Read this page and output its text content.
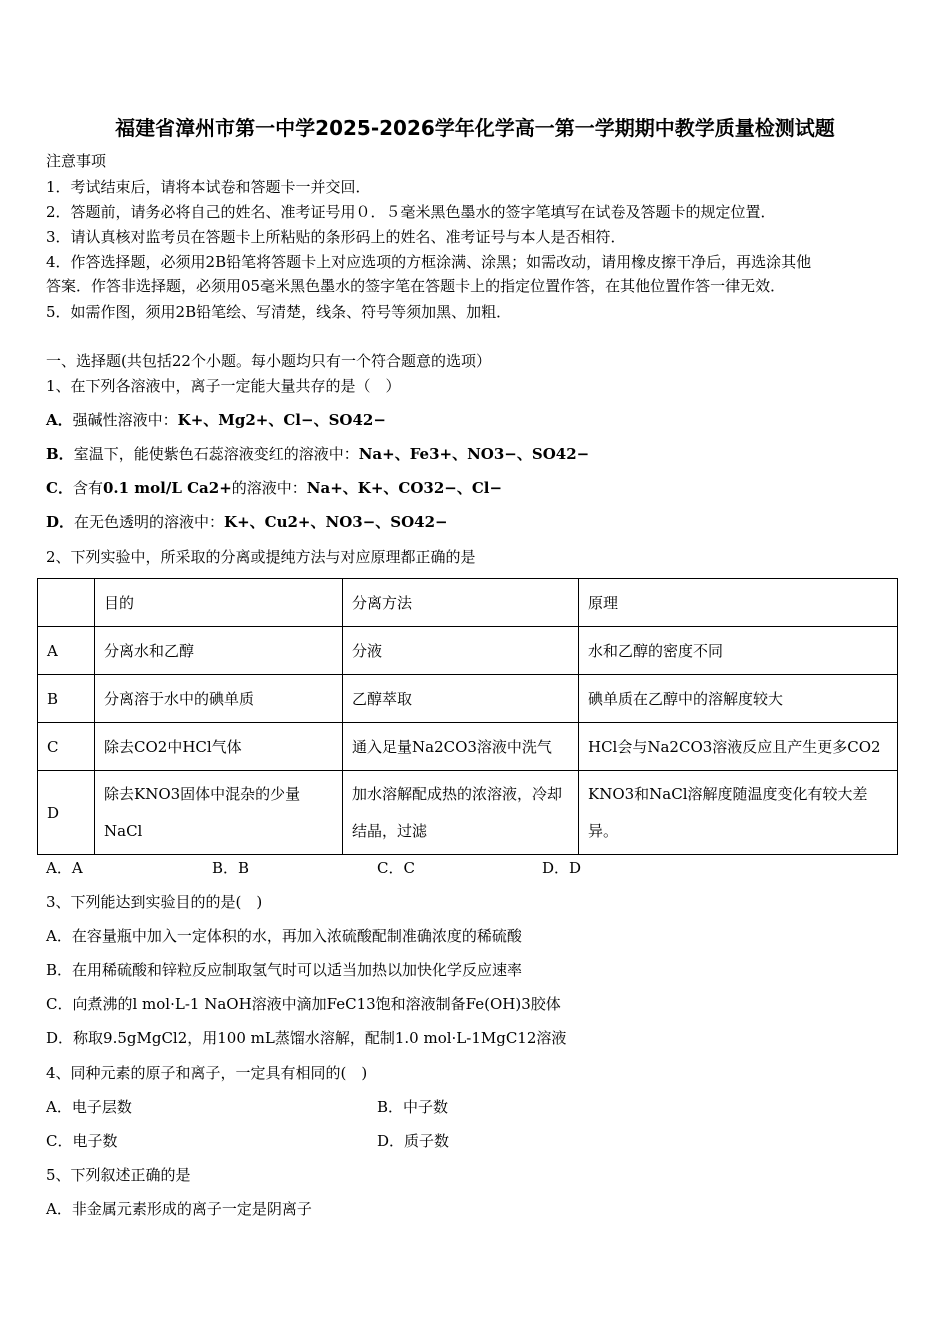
福建省漳州市第一中学2025-2026学年化学高一第一学期期中教学质量检测试题
注意事项
1．考试结束后，请将本试卷和答题卡一并交回．
2．答题前，请务必将自己的姓名、准考证号用０．５毫米黑色墨水的签字笔填写在试卷及答题卡的规定位置．
3．请认真核对监考员在答题卡上所粘贴的条形码上的姓名、准考证号与本人是否相符．
4．作答选择题，必须用2B铅笔将答题卡上对应选项的方框涂满、涂黑；如需改动，请用橡皮擦干净后，再选涂其他
答案．作答非选择题，必须用05毫米黑色墨水的签字笔在答题卡上的指定位置作答，在其他位置作答一律无效．
5．如需作图，须用2B铅笔绘、写清楚，线条、符号等须加黑、加粗．
一、选择题(共包括22个小题。每小题均只有一个符合题意的选项）
1、在下列各溶液中，离子一定能大量共存的是（　）
A．强碱性溶液中：K+、Mg2+、Cl−、SO42−
B．室温下，能使紫色石蕊溶液变红的溶液中：Na+、Fe3+、NO3−、SO42−
C．含有0.1 mol/L Ca2+的溶液中：Na+、K+、CO32−、Cl−
D．在无色透明的溶液中：K+、Cu2+、NO3−、SO42−
2、下列实验中，所采取的分离或提纯方法与对应原理都正确的是
	目的	分离方法	原理
A	分离水和乙醇	分液	水和乙醇的密度不同
B	分离溶于水中的碘单质	乙醇萃取	碘单质在乙醇中的溶解度较大
C	除去CO2中HCl气体	通入足量Na2CO3溶液中洗气	HCl会与Na2CO3溶液反应且产生更多CO2
D	除去KNO3固体中混杂的少量NaCl	加水溶解配成热的浓溶液，冷却结晶，过滤	KNO3和NaCl溶解度随温度变化有较大差异。
A．A	B．B	C．C	D．D
3、下列能达到实验目的的是(　)
A．在容量瓶中加入一定体积的水，再加入浓硫酸配制准确浓度的稀硫酸
B．在用稀硫酸和锌粒反应制取氢气时可以适当加热以加快化学反应速率
C．向煮沸的l mol·L-1 NaOH溶液中滴加FeC13饱和溶液制备Fe(OH)3胶体
D．称取9.5gMgCl2，用100 mL蒸馏水溶解，配制1.0 mol·L-1MgC12溶液
4、同种元素的原子和离子，一定具有相同的(　)
A．电子层数	B．中子数
C．电子数	D．质子数
5、下列叙述正确的是
A．非金属元素形成的离子一定是阴离子
